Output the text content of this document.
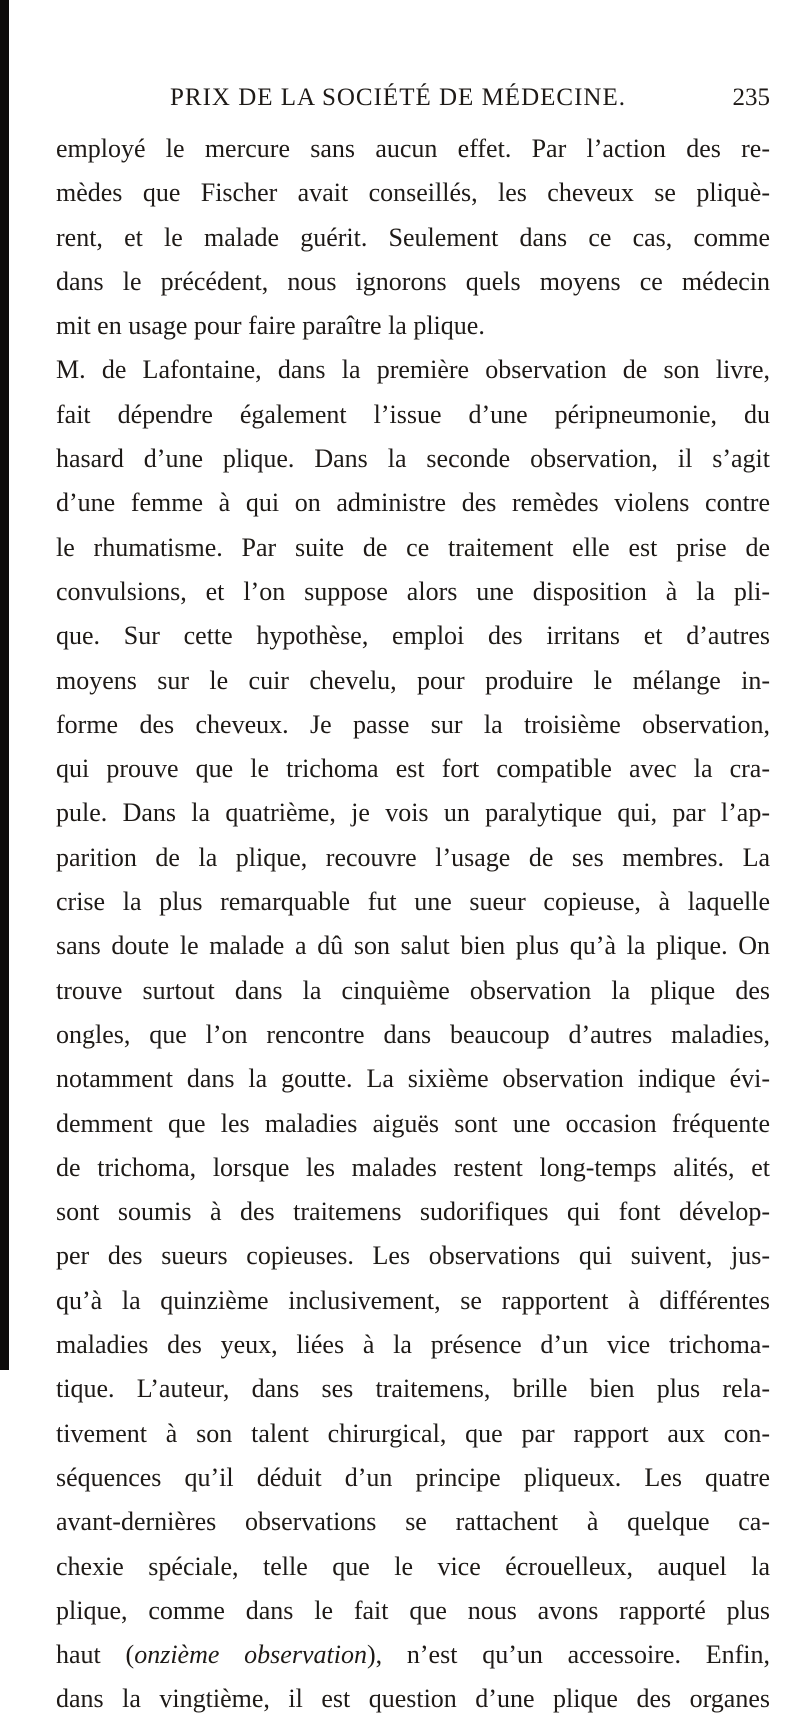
PRIX DE LA SOCIÉTÉ DE MÉDECINE.	235
employé le mercure sans aucun effet. Par l’action des re-
mèdes que Fischer avait conseillés, les cheveux se pliquè-
rent, et le malade guérit. Seulement dans ce cas, comme
dans le précédent, nous ignorons quels moyens ce médecin
mit en usage pour faire paraître la plique.
M. de Lafontaine, dans la première observation de son livre,
fait dépendre également l’issue d’une péripneumonie, du
hasard d’une plique. Dans la seconde observation, il s’agit
d’une femme à qui on administre des remèdes violens contre
le rhumatisme. Par suite de ce traitement elle est prise de
convulsions, et l’on suppose alors une disposition à la pli-
que. Sur cette hypothèse, emploi des irritans et d’autres
moyens sur le cuir chevelu, pour produire le mélange in-
forme des cheveux. Je passe sur la troisième observation,
qui prouve que le trichoma est fort compatible avec la cra-
pule. Dans la quatrième, je vois un paralytique qui, par l’ap-
parition de la plique, recouvre l’usage de ses membres. La
crise la plus remarquable fut une sueur copieuse, à laquelle
sans doute le malade a dû son salut bien plus qu’à la plique. On
trouve surtout dans la cinquième observation la plique des
ongles, que l’on rencontre dans beaucoup d’autres maladies,
notamment dans la goutte. La sixième observation indique évi-
demment que les maladies aiguës sont une occasion fréquente
de trichoma, lorsque les malades restent long-temps alités, et
sont soumis à des traitemens sudorifiques qui font dévelop-
per des sueurs copieuses. Les observations qui suivent, jus-
qu’à la quinzième inclusivement, se rapportent à différentes
maladies des yeux, liées à la présence d’un vice trichoma-
tique. L’auteur, dans ses traitemens, brille bien plus rela-
tivement à son talent chirurgical, que par rapport aux con-
séquences qu’il déduit d’un principe pliqueux. Les quatre
avant-dernières observations se rattachent à quelque ca-
chexie spéciale, telle que le vice écrouelleux, auquel la
plique, comme dans le fait que nous avons rapporté plus
haut (onzième observation), n’est qu’un accessoire. Enfin,
dans la vingtième, il est question d’une plique des organes
